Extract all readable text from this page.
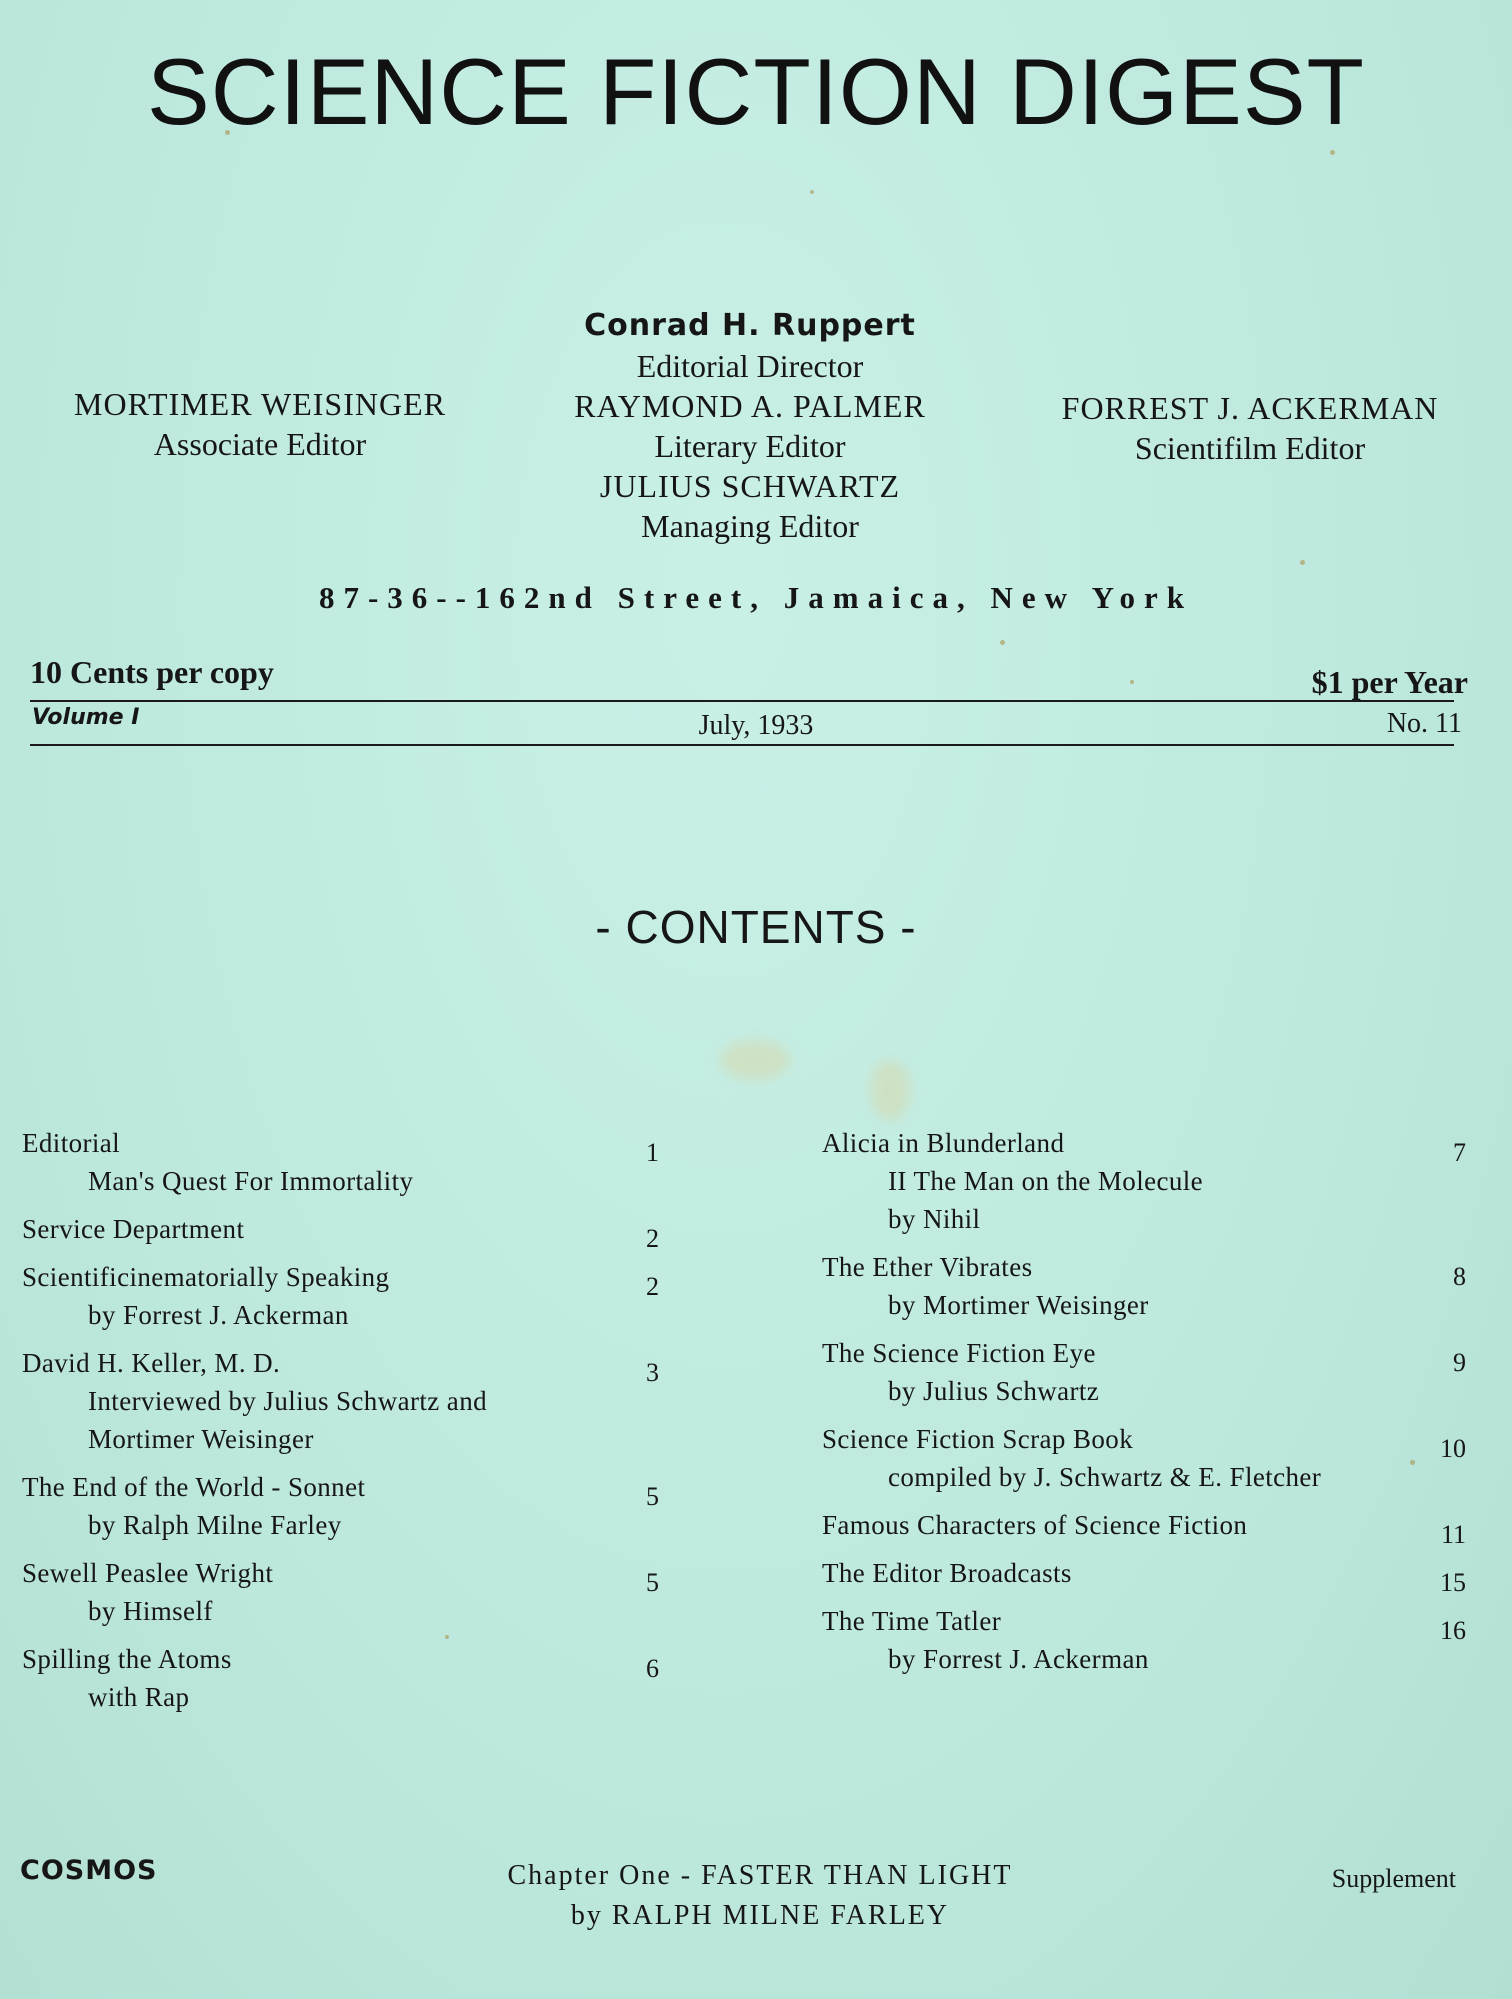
SCIENCE FICTION DIGEST
Conrad H. Ruppert
Editorial Director
RAYMOND A. PALMER
Literary Editor
JULIUS SCHWARTZ
Managing Editor
MORTIMER WEISINGER
Associate Editor
FORREST J. ACKERMAN
Scientifilm Editor
87-36--162nd Street, Jamaica, New York
10 Cents per copy	$1 per Year
Volume I	July, 1933	No. 11
- CONTENTS -
Editorial
Man's Quest For Immortality
1
Service Department	2
Scientificinematorially Speaking
by Forrest J. Ackerman
2
David H. Keller, M. D.
Interviewed by Julius Schwartz and
Mortimer Weisinger
3
The End of the World - Sonnet
by Ralph Milne Farley
5
Sewell Peaslee Wright
by Himself
5
Spilling the Atoms
with Rap
6
Alicia in Blunderland
II The Man on the Molecule
by Nihil
7
The Ether Vibrates
by Mortimer Weisinger
8
The Science Fiction Eye
by Julius Schwartz
9
Science Fiction Scrap Book
compiled by J. Schwartz & E. Fletcher
10
Famous Characters of Science Fiction	11
The Editor Broadcasts	15
The Time Tatler
by Forrest J. Ackerman
16
COSMOS	Chapter One - FASTER THAN LIGHT
by RALPH MILNE FARLEY
Supplement
